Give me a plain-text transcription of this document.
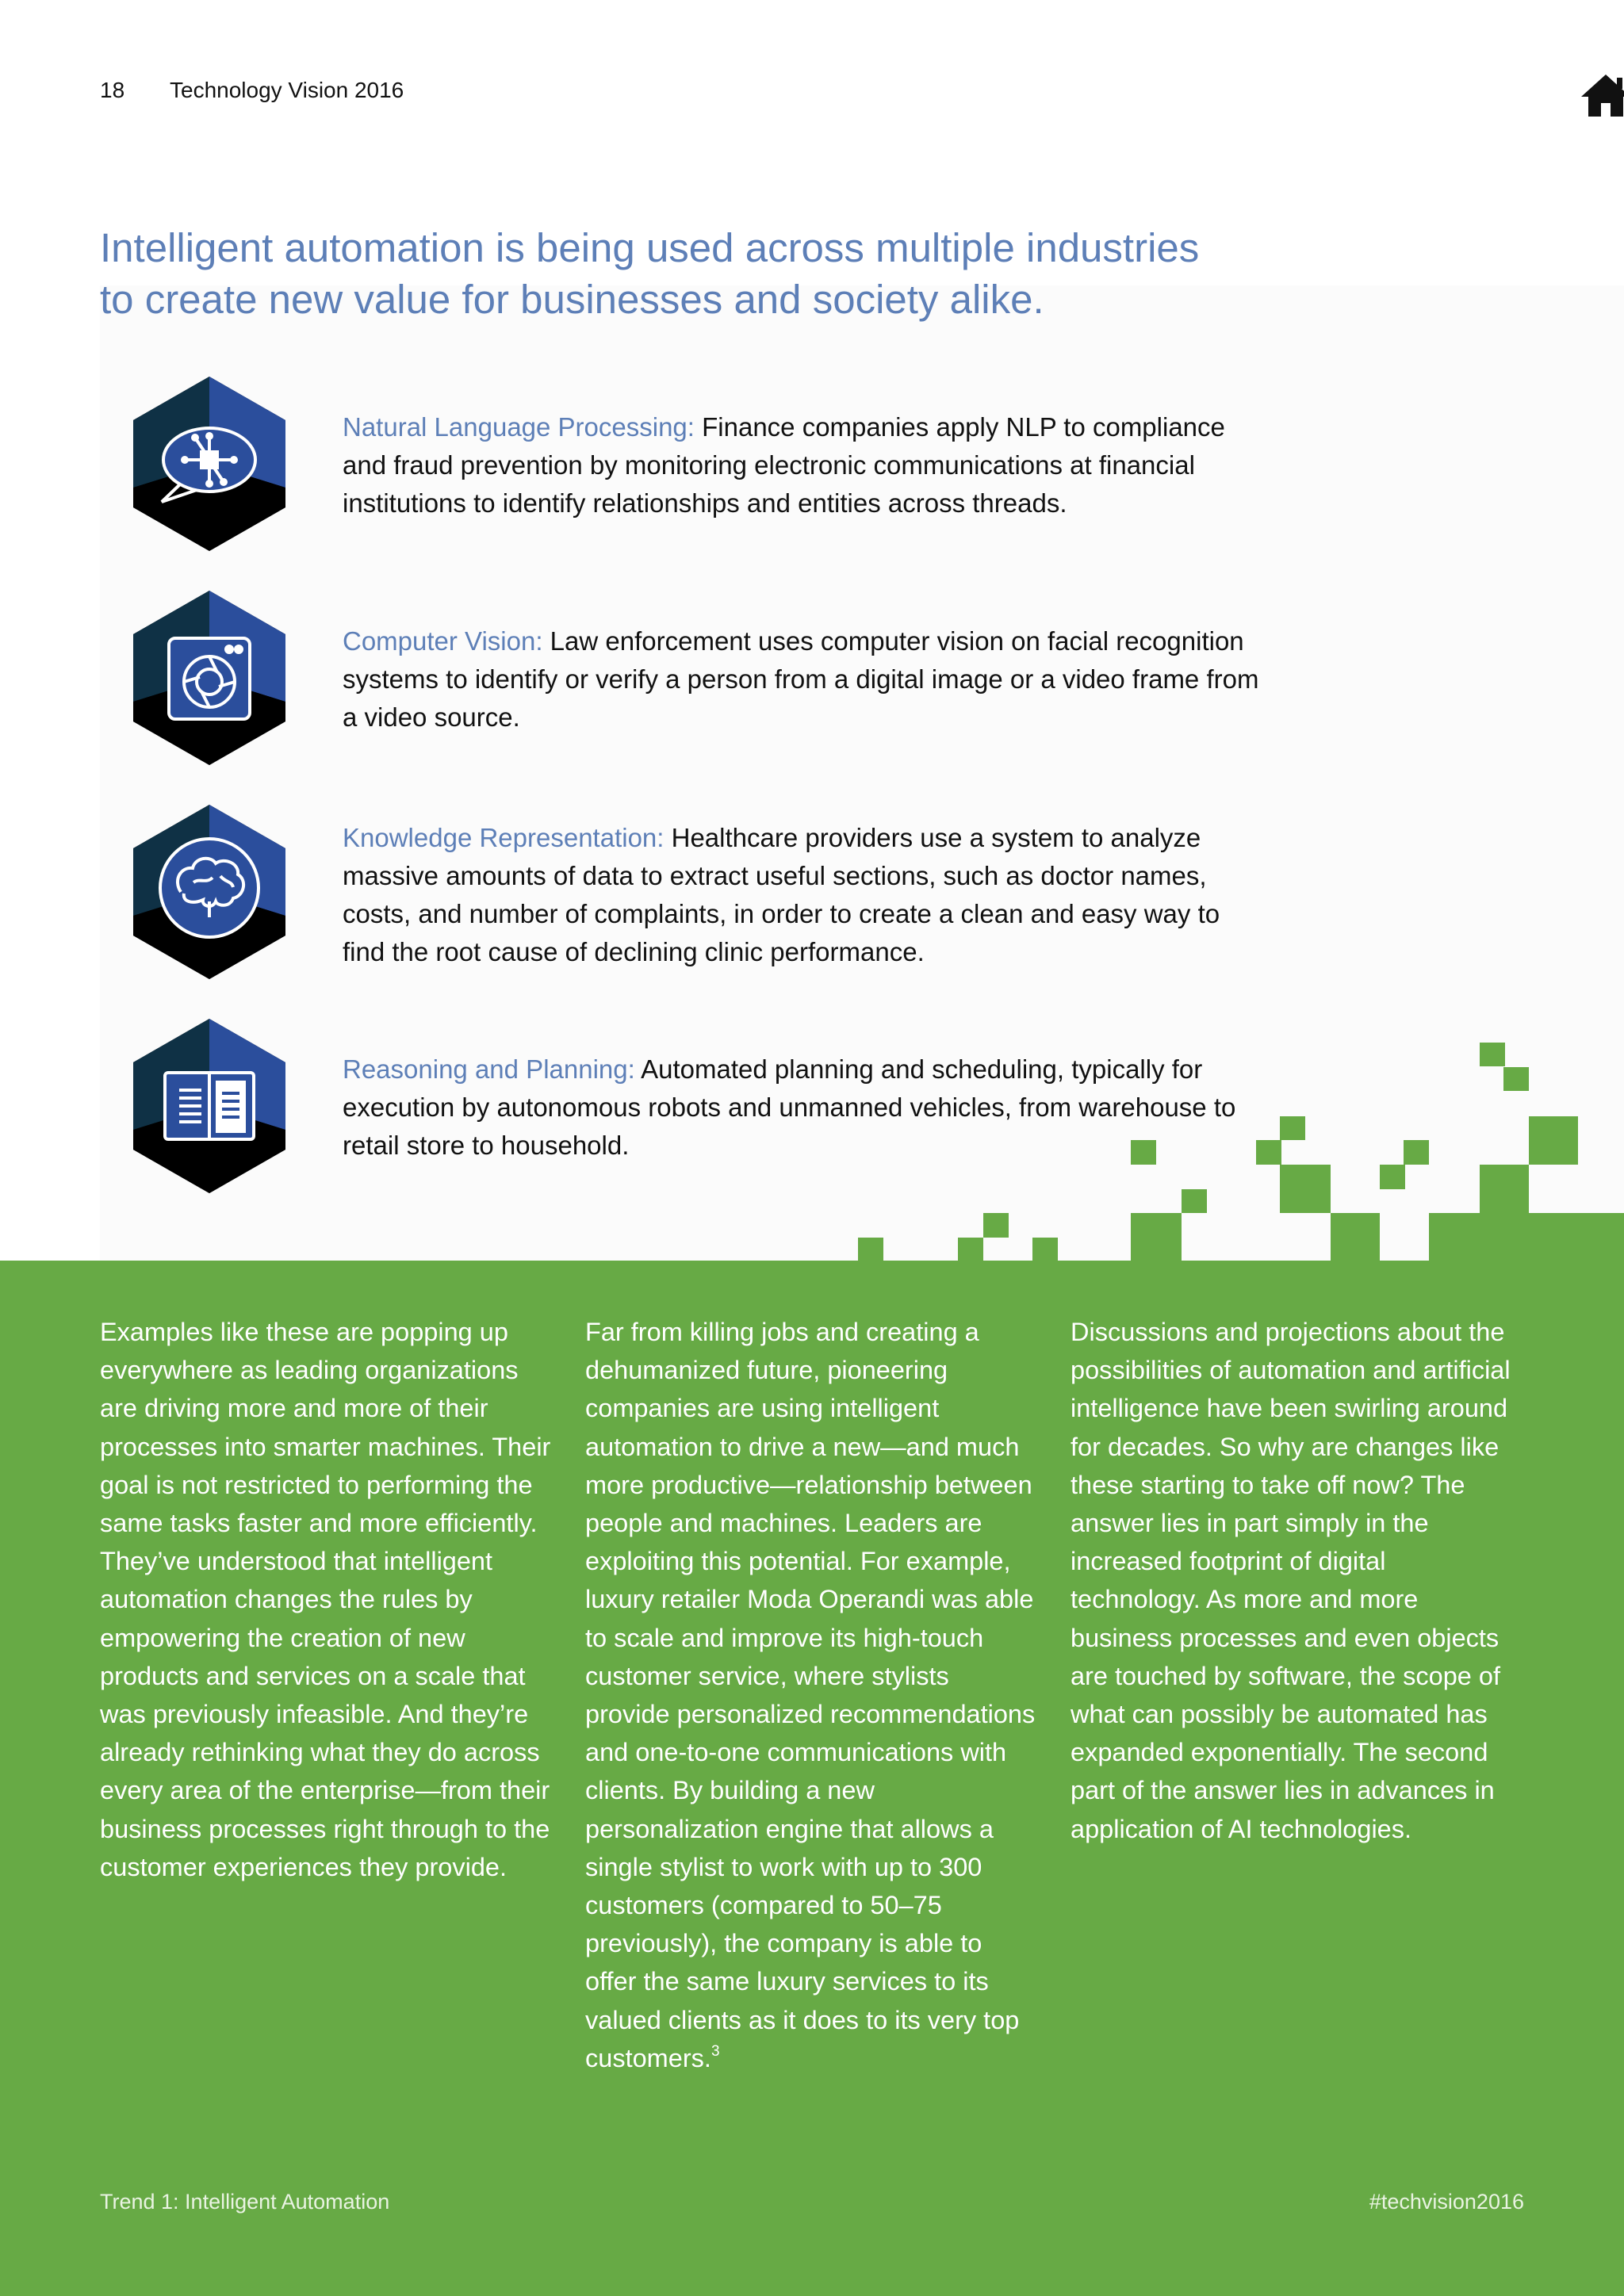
18 Technology Vision 2016
Intelligent automation is being used across multiple industries
to create new value for businesses and society alike.
Natural Language Processing: Finance companies apply NLP to compliance and fraud prevention by monitoring electronic communications at financial institutions to identify relationships and entities across threads.
Computer Vision: Law enforcement uses computer vision on facial recognition systems to identify or verify a person from a digital image or a video frame from a video source.
Knowledge Representation: Healthcare providers use a system to analyze massive amounts of data to extract useful sections, such as doctor names, costs, and number of complaints, in order to create a clean and easy way to find the root cause of declining clinic performance.
Reasoning and Planning: Automated planning and scheduling, typically for execution by autonomous robots and unmanned vehicles, from warehouse to retail store to household.

Examples like these are popping up everywhere as leading organizations are driving more and more of their processes into smarter machines. Their goal is not restricted to performing the same tasks faster and more efficiently. They’ve understood that intelligent automation changes the rules by empowering the creation of new products and services on a scale that was previously infeasible. And they’re already rethinking what they do across every area of the enterprise—from their business processes right through to the customer experiences they provide.

Far from killing jobs and creating a dehumanized future, pioneering companies are using intelligent automation to drive a new—and much more productive—relationship between people and machines. Leaders are exploiting this potential. For example, luxury retailer Moda Operandi was able to scale and improve its high-touch customer service, where stylists provide personalized recommendations and one-to-one communications with clients. By building a new personalization engine that allows a single stylist to work with up to 300 customers (compared to 50–75 previously), the company is able to offer the same luxury services to its valued clients as it does to its very top customers.$^3$

Discussions and projections about the possibilities of automation and artificial intelligence have been swirling around for decades. So why are changes like these starting to take off now? The answer lies in part simply in the increased footprint of digital technology. As more and more business processes and even objects are touched by software, the scope of what can possibly be automated has expanded exponentially. The second part of the answer lies in advances in application of AI technologies.

Trend 1: Intelligent Automation	#techvision2016
